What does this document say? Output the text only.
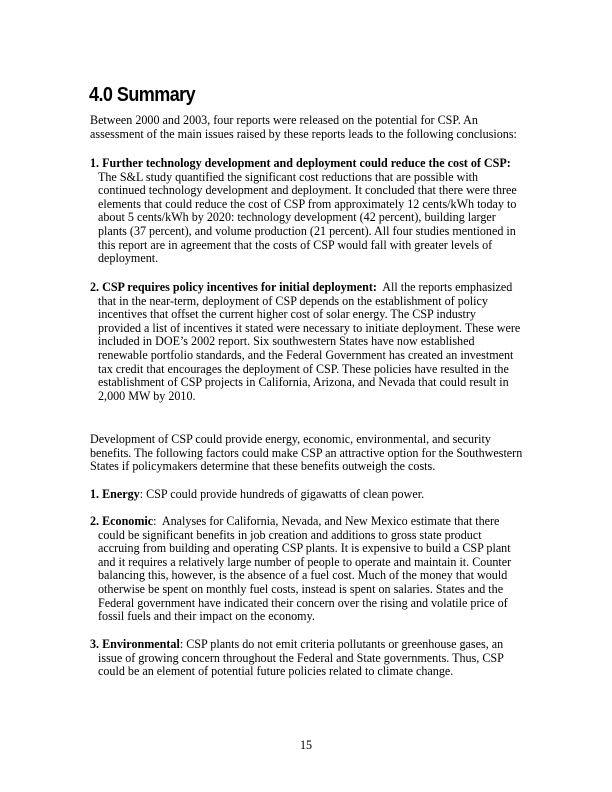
4.0 Summary
Between 2000 and 2003, four reports were released on the potential for CSP. An
assessment of the main issues raised by these reports leads to the following conclusions:
1. Further technology development and deployment could reduce the cost of CSP:
The S&L study quantified the significant cost reductions that are possible with
continued technology development and deployment. It concluded that there were three
elements that could reduce the cost of CSP from approximately 12 cents/kWh today to
about 5 cents/kWh by 2020: technology development (42 percent), building larger
plants (37 percent), and volume production (21 percent). All four studies mentioned in
this report are in agreement that the costs of CSP would fall with greater levels of
deployment.
2. CSP requires policy incentives for initial deployment:  All the reports emphasized
that in the near-term, deployment of CSP depends on the establishment of policy
incentives that offset the current higher cost of solar energy. The CSP industry
provided a list of incentives it stated were necessary to initiate deployment. These were
included in DOE’s 2002 report. Six southwestern States have now established
renewable portfolio standards, and the Federal Government has created an investment
tax credit that encourages the deployment of CSP. These policies have resulted in the
establishment of CSP projects in California, Arizona, and Nevada that could result in
2,000 MW by 2010.
Development of CSP could provide energy, economic, environmental, and security
benefits. The following factors could make CSP an attractive option for the Southwestern
States if policymakers determine that these benefits outweigh the costs.
1. Energy: CSP could provide hundreds of gigawatts of clean power.
2. Economic:  Analyses for California, Nevada, and New Mexico estimate that there
could be significant benefits in job creation and additions to gross state product
accruing from building and operating CSP plants. It is expensive to build a CSP plant
and it requires a relatively large number of people to operate and maintain it. Counter
balancing this, however, is the absence of a fuel cost. Much of the money that would
otherwise be spent on monthly fuel costs, instead is spent on salaries. States and the
Federal government have indicated their concern over the rising and volatile price of
fossil fuels and their impact on the economy.
3. Environmental: CSP plants do not emit criteria pollutants or greenhouse gases, an
issue of growing concern throughout the Federal and State governments. Thus, CSP
could be an element of potential future policies related to climate change.
15
